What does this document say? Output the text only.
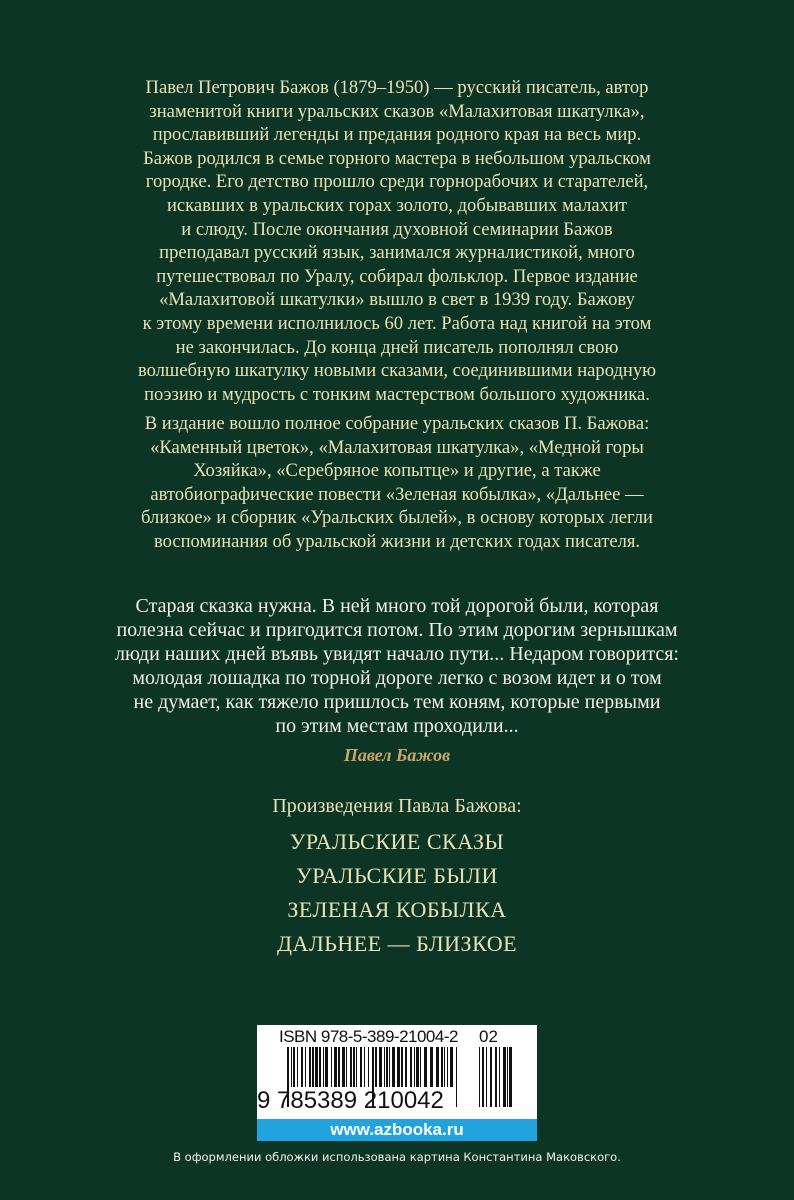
Павел Петрович Бажов (1879–1950) — русский писатель, автор
знаменитой книги уральских сказов «Малахитовая шкатулка»,
прославивший легенды и предания родного края на весь мир.
Бажов родился в семье горного мастера в небольшом уральском
городке. Его детство прошло среди горнорабочих и старателей,
искавших в уральских горах золото, добывавших малахит
и слюду. После окончания духовной семинарии Бажов
преподавал русский язык, занимался журналистикой, много
путешествовал по Уралу, собирал фольклор. Первое издание
«Малахитовой шкатулки» вышло в свет в 1939 году. Бажову
к этому времени исполнилось 60 лет. Работа над книгой на этом
не закончилась. До конца дней писатель пополнял свою
волшебную шкатулку новыми сказами, соединившими народную
поэзию и мудрость с тонким мастерством большого художника.
В издание вошло полное собрание уральских сказов П. Бажова:
«Каменный цветок», «Малахитовая шкатулка», «Медной горы
Хозяйка», «Серебряное копытце» и другие, а также
автобиографические повести «Зеленая кобылка», «Дальнее —
близкое» и сборник «Уральских былей», в основу которых легли
воспоминания об уральской жизни и детских годах писателя.
Старая сказка нужна. В ней много той дорогой были, которая
полезна сейчас и пригодится потом. По этим дорогим зернышкам
люди наших дней въявь увидят начало пути... Недаром говорится:
молодая лошадка по торной дороге легко с возом идет и о том
не думает, как тяжело пришлось тем коням, которые первыми
по этим местам проходили...
Павел Бажов
Произведения Павла Бажова:
УРАЛЬСКИЕ СКАЗЫ
УРАЛЬСКИЕ БЫЛИ
ЗЕЛЕНАЯ КОБЫЛКА
ДАЛЬНЕЕ — БЛИЗКОЕ
ISBN 978-5-389-21004-2 02
9 785389 210042
www.azbooka.ru
В оформлении обложки использована картина Константина Маковского.
